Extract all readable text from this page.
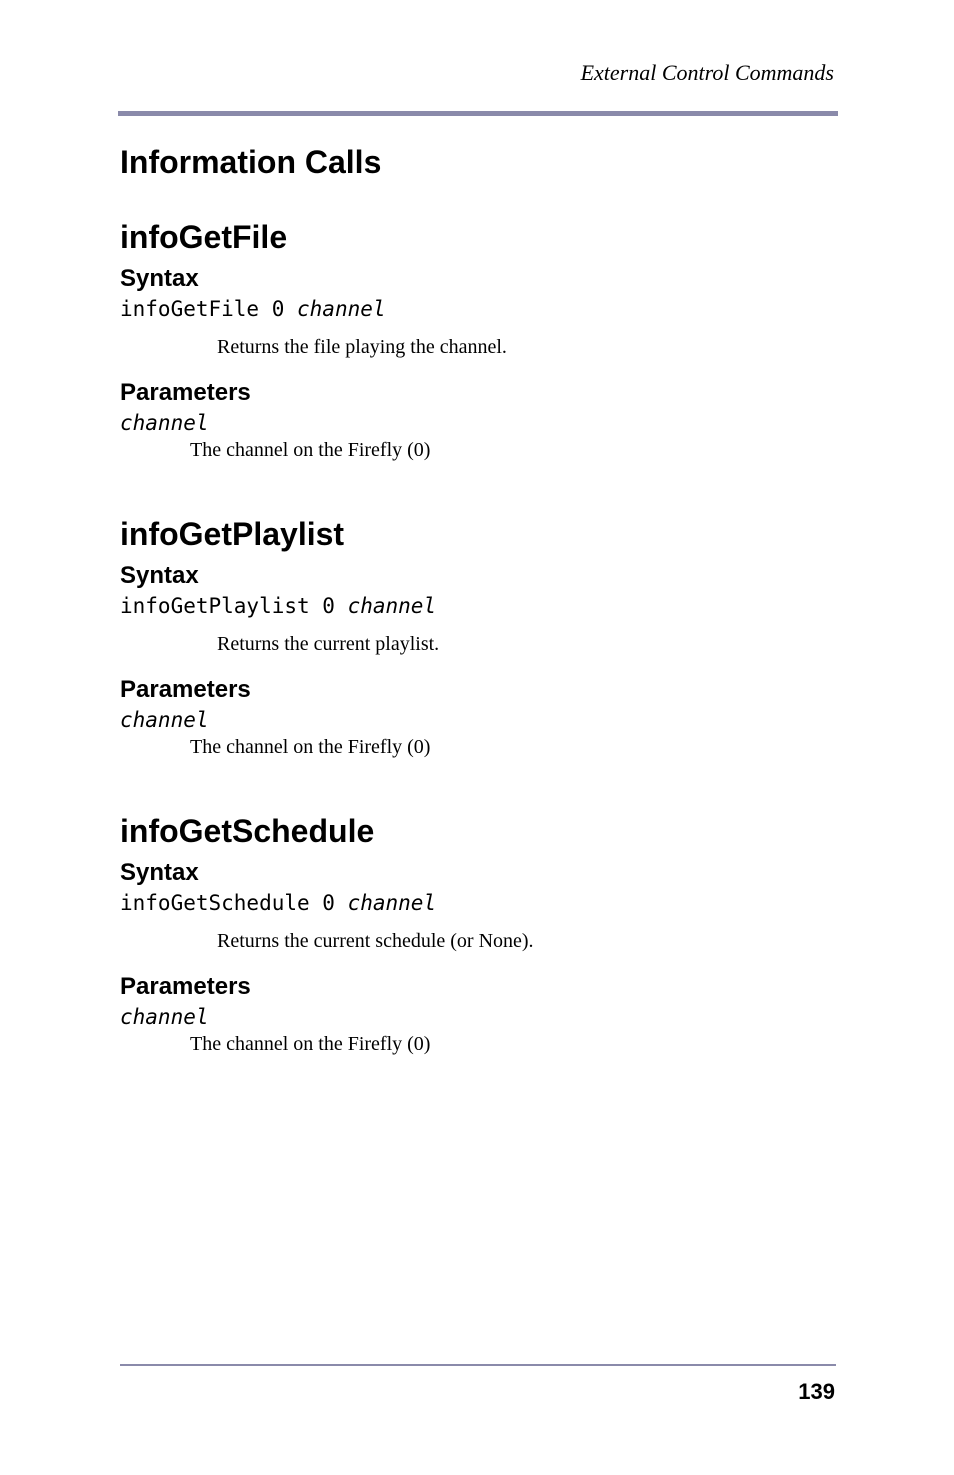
External Control Commands
Information Calls
infoGetFile
Syntax
infoGetFile 0 channel
Returns the file playing the channel.
Parameters
channel
The channel on the Firefly (0)
infoGetPlaylist
Syntax
infoGetPlaylist 0 channel
Returns the current playlist.
Parameters
channel
The channel on the Firefly (0)
infoGetSchedule
Syntax
infoGetSchedule 0 channel
Returns the current schedule (or None).
Parameters
channel
The channel on the Firefly (0)
139
